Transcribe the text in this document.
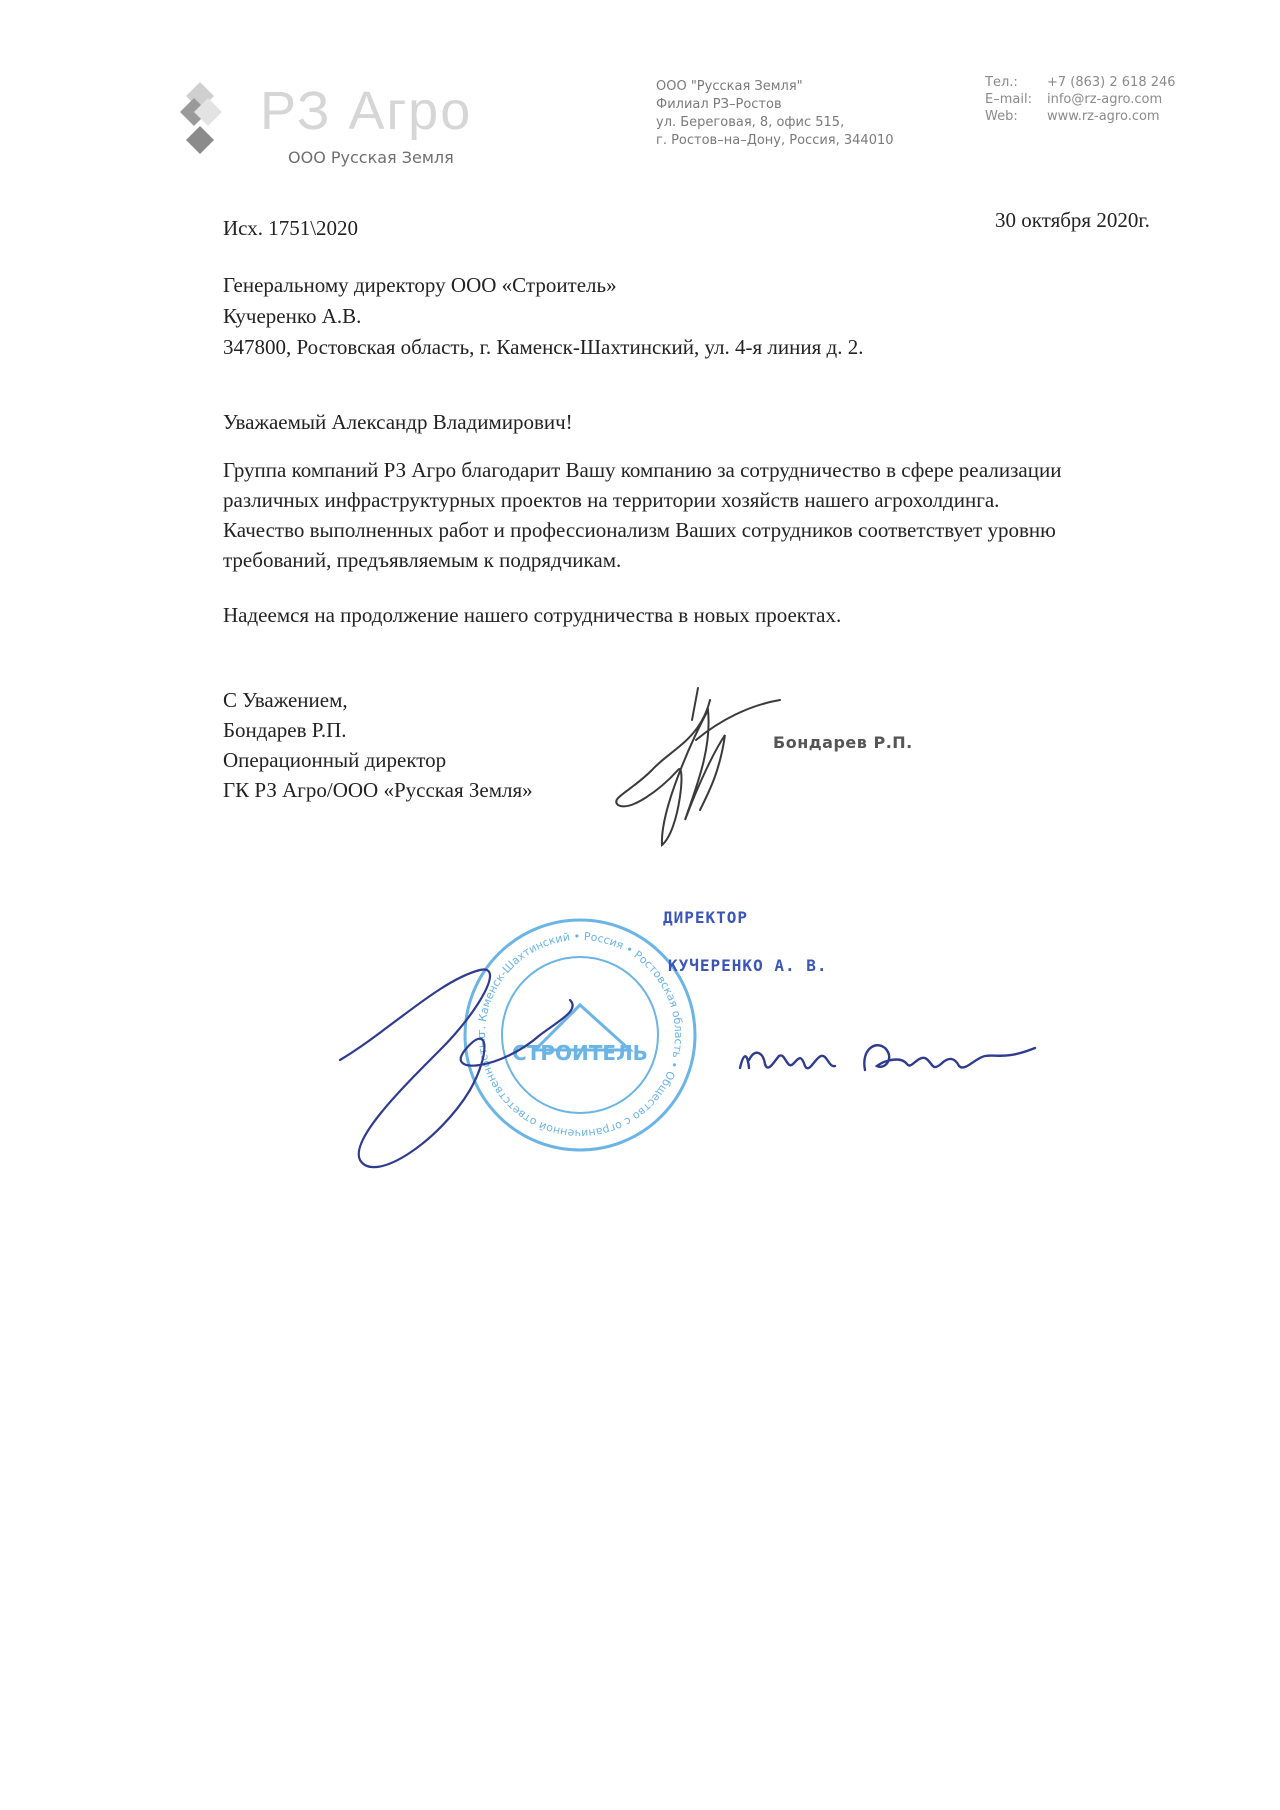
РЗ Агро
ООО Русская Земля
ООО "Русская Земля"
Филиал РЗ–Ростов
ул. Береговая, 8, офис 515,
г. Ростов–на–Дону, Россия, 344010
Тел.: +7 (863) 2 618 246
E–mail: info@rz-agro.com
Web: www.rz-agro.com
Исх. 1751\2020	30 октября 2020г.
Генеральному директору ООО «Строитель»
Кучеренко А.В.
347800, Ростовская область, г. Каменск-Шахтинский, ул. 4-я линия д. 2.
Уважаемый Александр Владимирович!
Группа компаний РЗ Агро благодарит Вашу компанию за сотрудничество в сфере реализации
различных инфраструктурных проектов на территории хозяйств нашего агрохолдинга.
Качество выполненных работ и профессионализм Ваших сотрудников соответствует уровню
требований, предъявляемым к подрядчикам.
Надеемся на продолжение нашего сотрудничества в новых проектах.
С Уважением,
Бондарев Р.П.
Операционный директор
ГК РЗ Агро/ООО «Русская Земля»
Бондарев Р.П.
г. Каменск-Шахтинский • Россия • Ростовская область • Общество с ограниченной ответственностью
СТРОИТЕЛЬ
ДИРЕКТОР
КУЧЕРЕНКО А. В.
